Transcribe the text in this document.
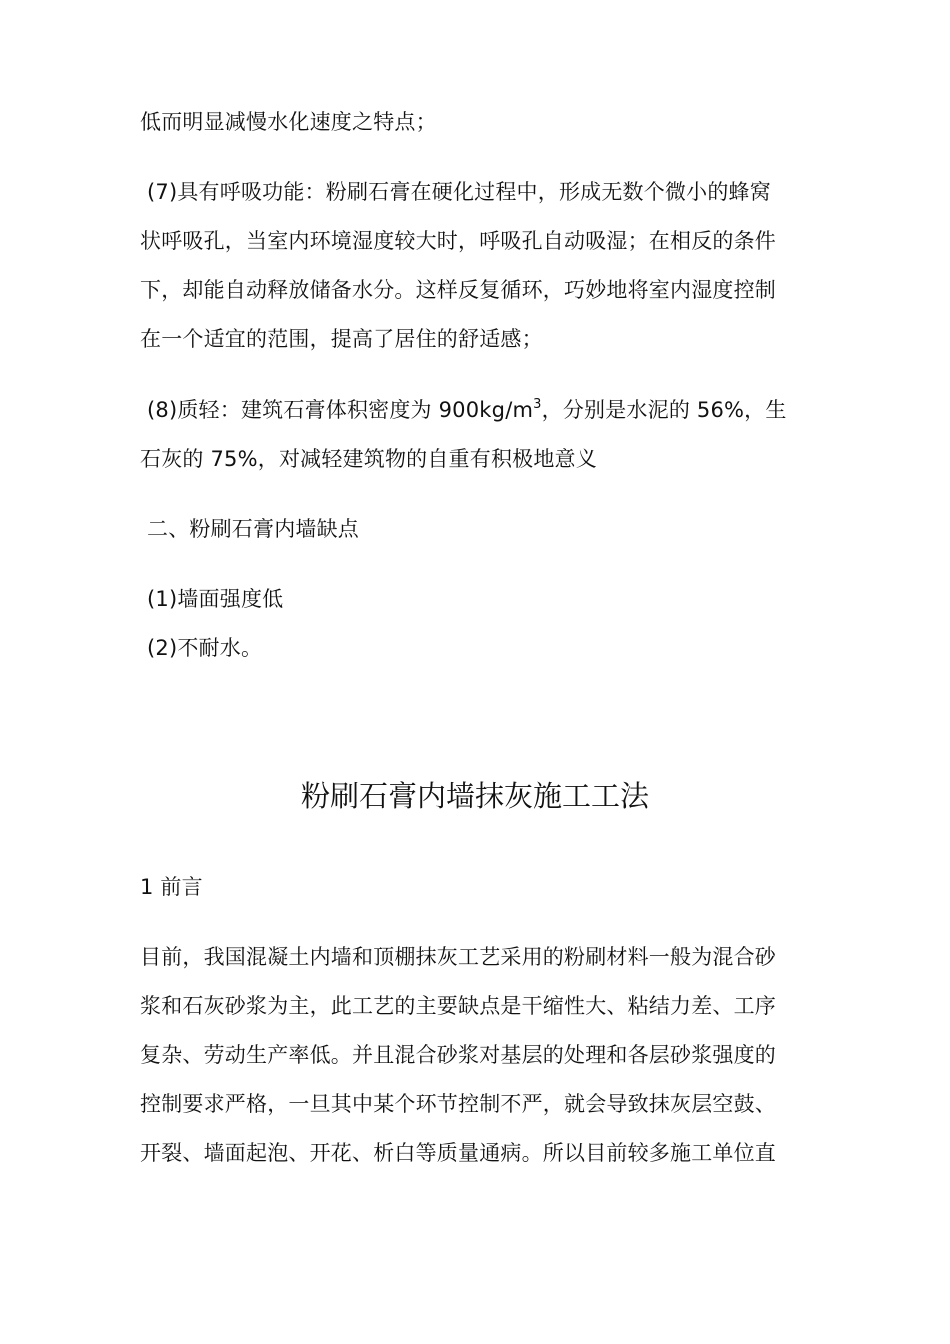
低而明显减慢水化速度之特点；
(7)具有呼吸功能：粉刷石膏在硬化过程中，形成无数个微小的蜂窝
状呼吸孔，当室内环境湿度较大时，呼吸孔自动吸湿；在相反的条件
下，却能自动释放储备水分。这样反复循环，巧妙地将室内湿度控制
在一个适宜的范围，提高了居住的舒适感；
(8)质轻：建筑石膏体积密度为 $900kg/m^3$，分别是水泥的 56%，生
石灰的 75%，对减轻建筑物的自重有积极地意义
二、粉刷石膏内墙缺点
(1)墙面强度低
(2)不耐水。
粉刷石膏内墙抹灰施工工法
1 前言
目前，我国混凝土内墙和顶棚抹灰工艺采用的粉刷材料一般为混合砂
浆和石灰砂浆为主，此工艺的主要缺点是干缩性大、粘结力差、工序
复杂、劳动生产率低。并且混合砂浆对基层的处理和各层砂浆强度的
控制要求严格，一旦其中某个环节控制不严，就会导致抹灰层空鼓、
开裂、墙面起泡、开花、析白等质量通病。所以目前较多施工单位直
